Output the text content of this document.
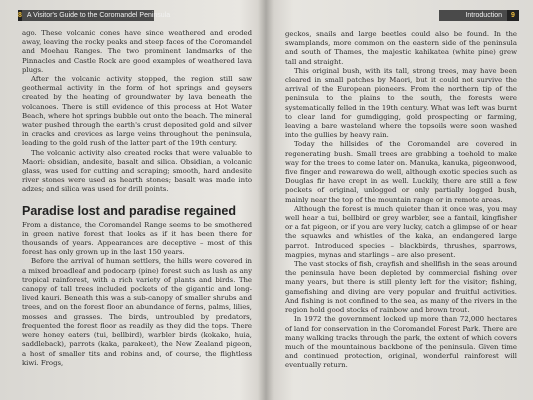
8 A Visitor's Guide to the Coromandel Peninsula

ago. These volcanic cones have since weathered and eroded away, leaving the rocky peaks and steep faces of the Coromandel and Moehau Ranges. The two prominent landmarks of the Pinnacles and Castle Rock are good examples of weathered lava plugs.

After the volcanic activity stopped, the region still saw geothermal activity in the form of hot springs and geysers created by the heating of groundwater by lava beneath the volcanoes. There is still evidence of this process at Hot Water Beach, where hot springs bubble out onto the beach. The mineral water pushed through the earth's crust deposited gold and silver in cracks and crevices as large veins throughout the peninsula, leading to the gold rush of the latter part of the 19th century.

The volcanic activity also created rocks that were valuable to Maori: obsidian, andesite, basalt and silica. Obsidian, a volcanic glass, was used for cutting and scraping; smooth, hard andesite river stones were used as hearth stones; basalt was made into adzes; and silica was used for drill points.

Paradise lost and paradise regained

From a distance, the Coromandel Range seems to be smothered in green native forest that looks as if it has been there for thousands of years. Appearances are deceptive – most of this forest has only grown up in the last 150 years.

Before the arrival of human settlers, the hills were covered in a mixed broadleaf and podocarp (pine) forest such as lush as any tropical rainforest, with a rich variety of plants and birds. The canopy of tall trees included pockets of the gigantic and long-lived kauri. Beneath this was a sub-canopy of smaller shrubs and trees, and on the forest floor an abundance of ferns, palms, lilies, mosses and grasses. The birds, untroubled by predators, frequented the forest floor as readily as they did the tops. There were honey eaters (tui, bellbird), warbler birds (kokako, huia, saddleback), parrots (kaka, parakeet), the New Zealand pigeon, a host of smaller tits and robins and, of course, the flightless kiwi. Frogs,

Introduction	9

geckos, snails and large beetles could also be found. In the swamplands, more common on the eastern side of the peninsula and south of Thames, the majestic kahikatea (white pine) grew tall and straight.

This original bush, with its tall, strong trees, may have been cleared in small patches by Maori, but it could not survive the arrival of the European pioneers. From the northern tip of the peninsula to the plains to the south, the forests were systematically felled in the 19th century. What was left was burnt to clear land for gumdigging, gold prospecting or farming, leaving a bare wasteland where the topsoils were soon washed into the gullies by heavy rain.

Today the hillsides of the Coromandel are covered in regenerating bush. Small trees are grabbing a toehold to make way for the trees to come later on. Manuka, kanuka, pigeonwood, five finger and rewarewa do well, although exotic species such as Douglas fir have crept in as well. Luckily, there are still a few pockets of original, unlogged or only partially logged bush, mainly near the top of the mountain range or in remote areas.

Although the forest is much quieter than it once was, you may well hear a tui, bellbird or grey warbler, see a fantail, kingfisher or a fat pigeon, or if you are very lucky, catch a glimpse of or hear the squawks and whistles of the kaka, an endangered large parrot. Introduced species – blackbirds, thrushes, sparrows, magpies, mynas and starlings – are also present.

The vast stocks of fish, crayfish and shellfish in the seas around the peninsula have been depleted by commercial fishing over many years, but there is still plenty left for the visitor; fishing, gamefishing and diving are very popular and fruitful activities. And fishing is not confined to the sea, as many of the rivers in the region hold good stocks of rainbow and brown trout.

In 1972 the government locked up more than 72,000 hectares of land for conservation in the Coromandel Forest Park. There are many walking tracks through the park, the extent of which covers much of the mountainous backbone of the peninsula. Given time and continued protection, original, wonderful rainforest will eventually return.
